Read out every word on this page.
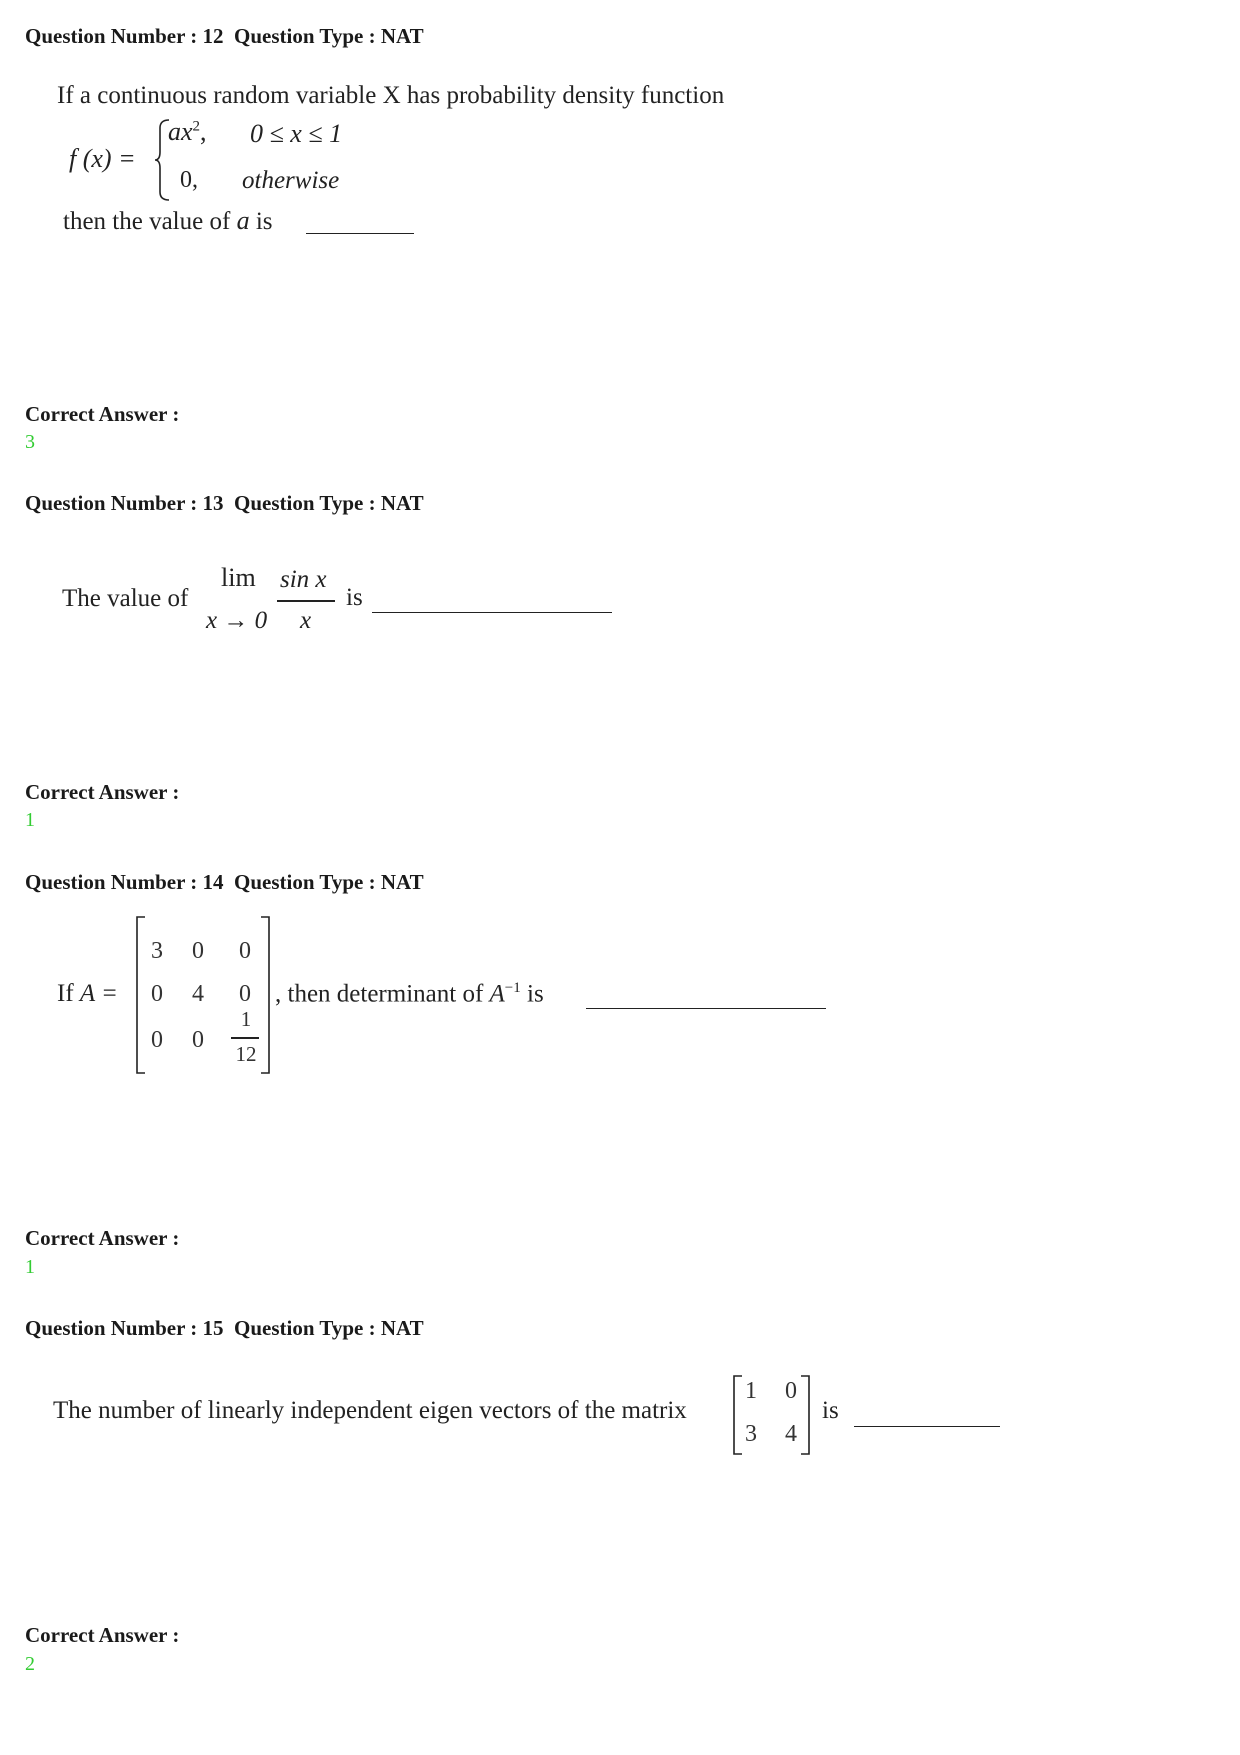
Question Number : 12  Question Type : NAT
If a continuous random variable X has probability density function
f (x) =
$ax^2$, 0 ≤ x ≤ 1
0, otherwise
then the value of a is
Correct Answer :
3
Question Number : 13  Question Type : NAT
The value of
lim
x → 0
sin x
x
is
Correct Answer :
1
Question Number : 14  Question Type : NAT
If A =
3 0 0
0 4 0
0 0
1
12
, then determinant of $A^{-1}$ is
Correct Answer :
1
Question Number : 15  Question Type : NAT
The number of linearly independent eigen vectors of the matrix
1 0
3 4
is
Correct Answer :
2
